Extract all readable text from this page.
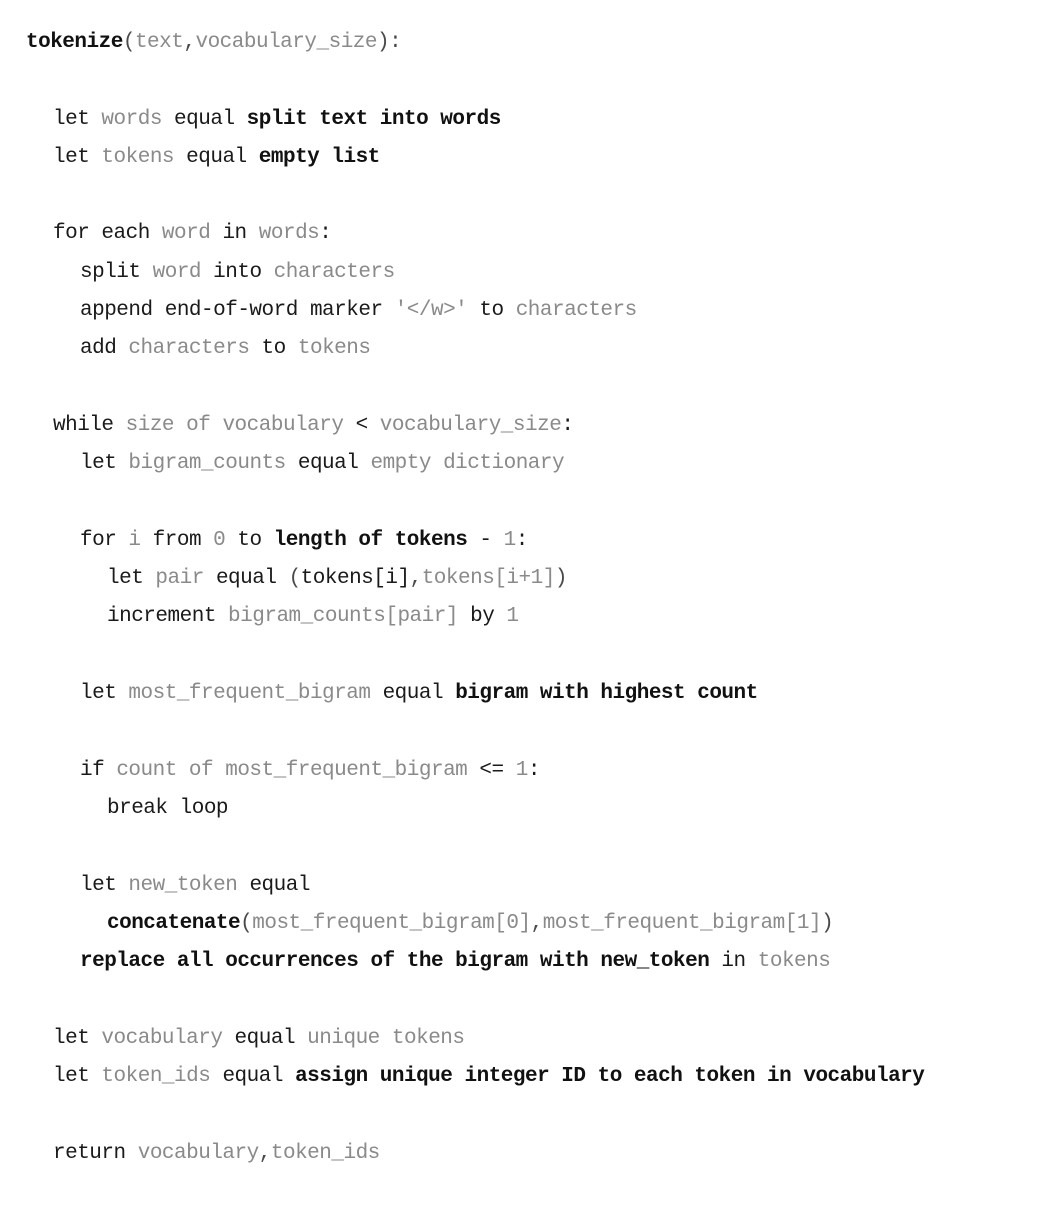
tokenize(text,vocabulary_size):
let words equal split text into words
let tokens equal empty list
for each word in words:
split word into characters
append end-of-word marker '</w>' to characters
add characters to tokens
while size of vocabulary < vocabulary_size:
let bigram_counts equal empty dictionary
for i from 0 to length of tokens - 1:
let pair equal (tokens[i],tokens[i+1])
increment bigram_counts[pair] by 1
let most_frequent_bigram equal bigram with highest count
if count of most_frequent_bigram <= 1:
break loop
let new_token equal
concatenate(most_frequent_bigram[0],most_frequent_bigram[1])
replace all occurrences of the bigram with new_token in tokens
let vocabulary equal unique tokens
let token_ids equal assign unique integer ID to each token in vocabulary
return vocabulary,token_ids
